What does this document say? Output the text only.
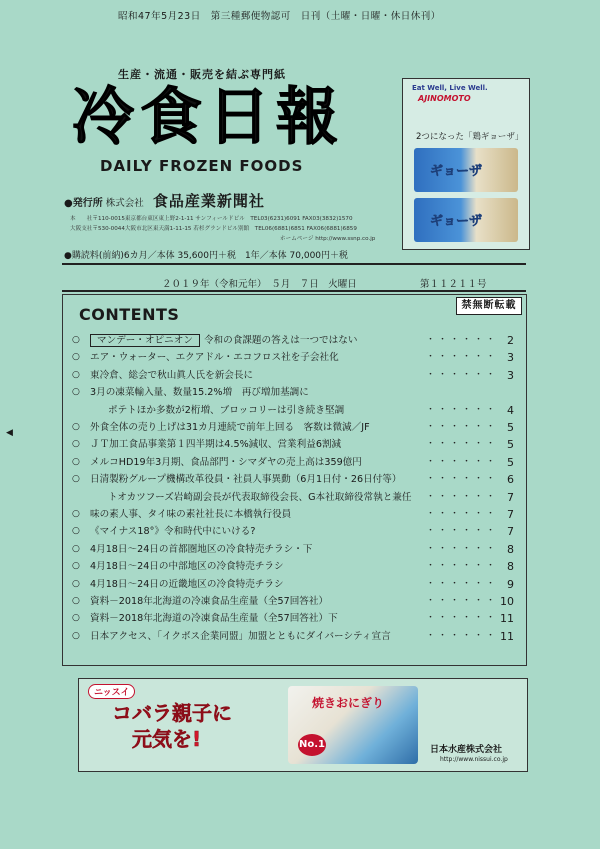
昭和47年5月23日　第三種郵便物認可　日刊（土曜・日曜・休日休刊）
生産・流通・販売を結ぶ専門紙
冷食日報
DAILY FROZEN FOODS
●発行所 株式会社 食品産業新聞社
本　　社〒110-0015東京都台東区東上野2-1-11 サンフィールドビル　TEL03(6231)6091 FAX03(3832)1570
大阪支社〒530-0044大阪市北区東天満1-11-15 若杉グランドビル別館　TEL06(6881)6851 FAX06(6881)6859
ホームページ http://www.ssnp.co.jp
●購読料(前納)6カ月／本体 35,600円＋税　1年／本体 70,000円＋税
２０１９年（令和元年）　５月　７日　火曜日	第１１２１１号
Eat Well, Live Well.
AJINOMOTO
2つになった「鶏ギョーザ」
ギョーザ
ギョーザ
CONTENTS	禁無断転載
○	マンデー・オピニオン 令和の食課題の答えは一つではない	・・・・・・ 2
○ エア・ウォーター、エクアドル・エコフロス社を子会社化	・・・・・・ 3
○ 東冷倉、総会で秋山眞人氏を新会長に	・・・・・・ 3
○ 3月の凍菜輸入量、数量15.2%増　再び増加基調に
ポテトほか多数が2桁増、ブロッコリーは引き続き堅調	・・・・・・ 4
○ 外食全体の売り上げは31カ月連続で前年上回る　客数は微減／JF	・・・・・・ 5
○ ＪＴ加工食品事業第１四半期は4.5%減収、営業利益6割減	・・・・・・ 5
○ メルコHD19年3月期、食品部門・シマダヤの売上高は359億円	・・・・・・ 5
○ 日清製粉グループ機構改革役員・社員人事異動（6月1日付・26日付等）	・・・・・・ 6
トオカツフーズ岩崎副会長が代表取締役会長、G本社取締役常執と兼任 ・・・・・・ 7
○ 味の素人事、タイ味の素社社長に本橋執行役員	・・・・・・ 7
○ 《マイナス18°》令和時代中にいける?	・・・・・・ 7
○ 4月18日～24日の首都圏地区の冷食特売チラシ・下	・・・・・・ 8
○ 4月18日～24日の中部地区の冷食特売チラシ	・・・・・・ 8
○ 4月18日～24日の近畿地区の冷食特売チラシ	・・・・・・ 9
○ 資料－2018年北海道の冷凍食品生産量（全57回答社）	・・・・・・ 10
○ 資料－2018年北海道の冷凍食品生産量（全57回答社）下	・・・・・・ 11
○ 日本アクセス、「イクボス企業同盟」加盟とともにダイバーシティ宣言	・・・・・・ 11
ニッスイ
コバラ親子に
元気を!
焼きおにぎり
No.1	日本水産株式会社
http://www.nissui.co.jp
◀
